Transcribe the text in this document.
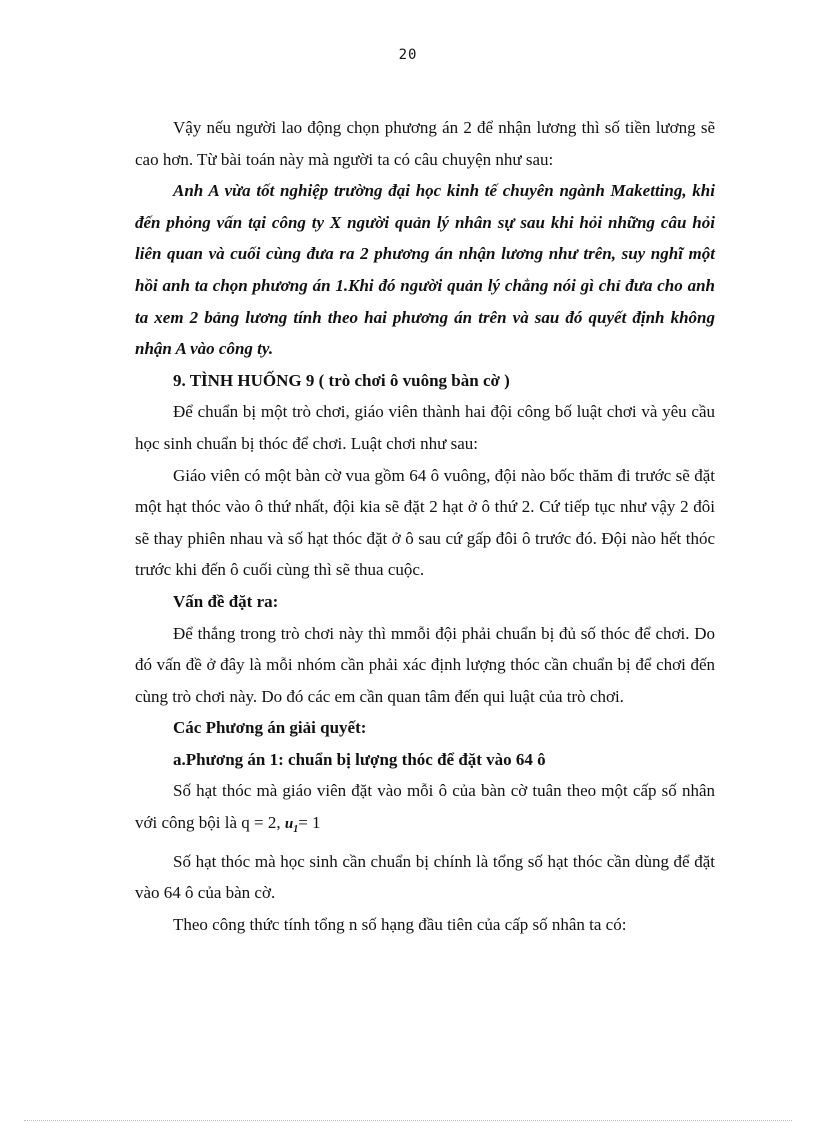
20

Vậy nếu người lao động chọn phương án 2 để nhận lương thì số tiền lương sẽ cao hơn. Từ bài toán này mà người ta có câu chuyện như sau:

Anh A vừa tốt nghiệp trường đại học kinh tế chuyên ngành Maketting, khi đến phỏng vấn tại công ty X người quản lý nhân sự sau khi hỏi những câu hỏi liên quan và cuối cùng đưa ra 2 phương án nhận lương như trên, suy nghĩ một hồi anh ta chọn phương án 1.Khi đó người quản lý chẳng nói gì chỉ đưa cho anh ta xem 2 bảng lương tính theo hai phương án trên và sau đó quyết định không nhận A vào công ty.

9. TÌNH HUỐNG 9 ( trò chơi ô vuông bàn cờ )

Để chuẩn bị một trò chơi, giáo viên thành hai đội công bố luật chơi và yêu cầu học sinh chuẩn bị thóc để chơi. Luật chơi như sau:

Giáo viên có một bàn cờ vua gồm 64 ô vuông, đội nào bốc thăm đi trước sẽ đặt một hạt thóc vào ô thứ nhất, đội kia sẽ đặt 2 hạt ở ô thứ 2. Cứ tiếp tục như vậy 2 đôi sẽ thay phiên nhau và số hạt thóc đặt ở ô sau cứ gấp đôi ô trước đó. Đội nào hết thóc trước khi đến ô cuối cùng thì sẽ thua cuộc.

Vấn đề đặt ra:

Để thắng trong trò chơi này thì mmỗi đội phải chuẩn bị đủ số thóc để chơi. Do đó vấn đề ở đây là mỗi nhóm cần phải xác định lượng thóc cần chuẩn bị để chơi đến cùng trò chơi này. Do đó các em cần quan tâm đến qui luật của trò chơi.

Các Phương án giải quyết:

a.Phương án 1: chuẩn bị lượng thóc để đặt vào 64 ô

Số hạt thóc mà giáo viên đặt vào mỗi ô của bàn cờ tuân theo một cấp số nhân với công bội là q = 2, $u_1= 1$

Số hạt thóc mà học sinh cần chuẩn bị chính là tổng số hạt thóc cần dùng để đặt vào 64 ô của bàn cờ.

Theo công thức tính tổng n số hạng đầu tiên của cấp số nhân ta có:
